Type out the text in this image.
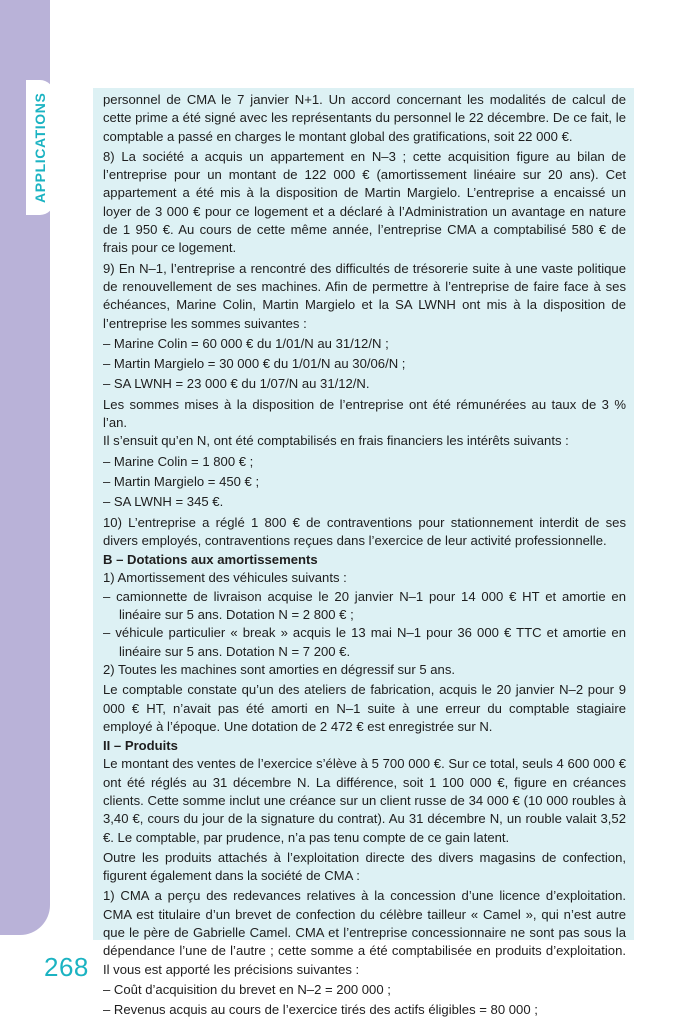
APPLICATIONS	personnel de CMA le 7 janvier N+1. Un accord concernant les modalités de calcul de cette prime a été signé avec les représentants du personnel le 22 décembre. De ce fait, le comptable a passé en charges le montant global des gratifications, soit 22 000 €.

8) La société a acquis un appartement en N–3 ; cette acquisition figure au bilan de l’entreprise pour un montant de 122 000 € (amortissement linéaire sur 20 ans). Cet appartement a été mis à la disposition de Martin Margielo. L’entreprise a encaissé un loyer de 3 000 € pour ce logement et a déclaré à l’Administration un avantage en nature de 1 950 €. Au cours de cette même année, l’entreprise CMA a comptabilisé 580 € de frais pour ce logement.

9) En N–1, l’entreprise a rencontré des difficultés de trésorerie suite à une vaste politique de renouvellement de ses machines. Afin de permettre à l’entreprise de faire face à ses échéances, Marine Colin, Martin Margielo et la SA LWNH ont mis à la disposition de l’entreprise les sommes suivantes :

– Marine Colin = 60 000 € du 1/01/N au 31/12/N ;

– Martin Margielo = 30 000 € du 1/01/N au 30/06/N ;

– SA LWNH = 23 000 € du 1/07/N au 31/12/N.

Les sommes mises à la disposition de l’entreprise ont été rémunérées au taux de 3 % l’an.

Il s’ensuit qu’en N, ont été comptabilisés en frais financiers les intérêts suivants :

– Marine Colin = 1 800 € ;

– Martin Margielo = 450 € ;

– SA LWNH = 345 €.

10) L’entreprise a réglé 1 800 € de contraventions pour stationnement interdit de ses divers employés, contraventions reçues dans l’exercice de leur activité professionnelle.

B – Dotations aux amortissements

1) Amortissement des véhicules suivants :

– camionnette de livraison acquise le 20 janvier N–1 pour 14 000 € HT et amortie en linéaire sur 5 ans. Dotation N = 2 800 € ;

– véhicule particulier « break » acquis le 13 mai N–1 pour 36 000 € TTC et amortie en linéaire sur 5 ans. Dotation N = 7 200 €.

2) Toutes les machines sont amorties en dégressif sur 5 ans.

Le comptable constate qu’un des ateliers de fabrication, acquis le 20 janvier N–2 pour 9 000 € HT, n’avait pas été amorti en N–1 suite à une erreur du comptable stagiaire employé à l’époque. Une dotation de 2 472 € est enregistrée sur N.

II – Produits

Le montant des ventes de l’exercice s’élève à 5 700 000 €. Sur ce total, seuls 4 600 000 € ont été réglés au 31 décembre N. La différence, soit 1 100 000 €, figure en créances clients. Cette somme inclut une créance sur un client russe de 34 000 € (10 000 roubles à 3,40 €, cours du jour de la signature du contrat). Au 31 décembre N, un rouble valait 3,52 €. Le comptable, par prudence, n’a pas tenu compte de ce gain latent.

Outre les produits attachés à l’exploitation directe des divers magasins de confection, figurent également dans la société de CMA :

1) CMA a perçu des redevances relatives à la concession d’une licence d’exploitation. CMA est titulaire d’un brevet de confection du célèbre tailleur « Camel », qui n’est autre que le père de Gabrielle Camel. CMA et l’entreprise concessionnaire ne sont pas sous la dépendance l’une de l’autre ; cette somme a été comptabilisée en produits d’exploitation. Il vous est apporté les précisions suivantes :

– Coût d’acquisition du brevet en N–2 = 200 000 ;

– Revenus acquis au cours de l’exercice tirés des actifs éligibles = 80 000 ;

268
